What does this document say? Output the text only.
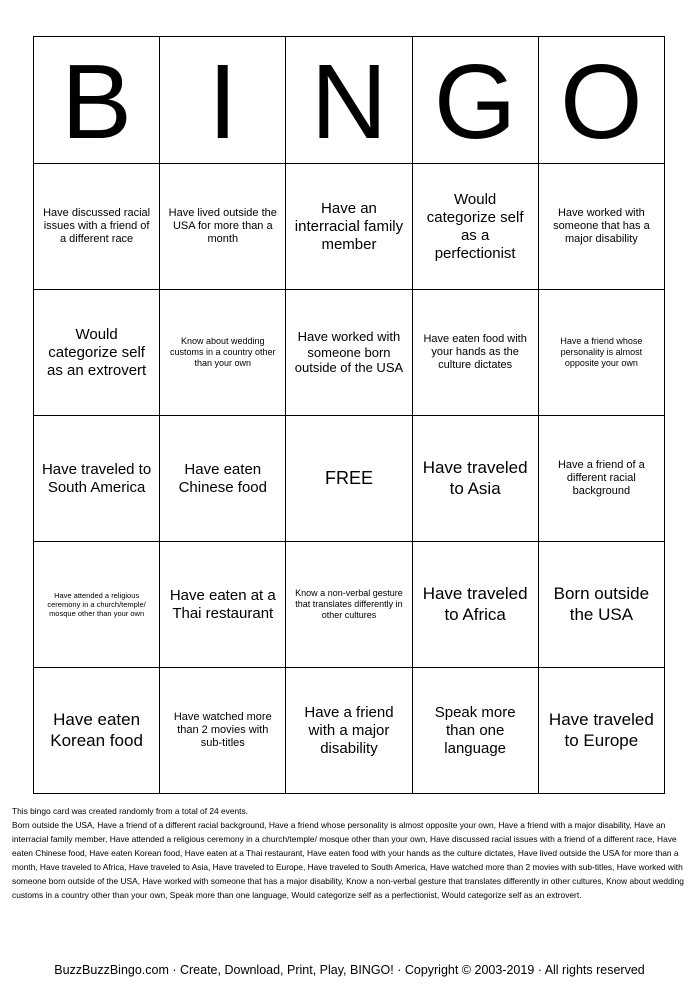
B	I	N	G	O
Have discussed racial issues with a friend of a different race	Have lived outside the USA for more than a month	Have an interracial family member	Would categorize self as a perfectionist	Have worked with someone that has a major disability
Would categorize self as an extrovert	Know about wedding customs in a country other than your own	Have worked with someone born outside of the USA	Have eaten food with your hands as the culture dictates	Have a friend whose personality is almost opposite your own
Have traveled to South America	Have eaten Chinese food	FREE	Have traveled to Asia	Have a friend of a different racial background
Have attended a religious ceremony in a church/temple/ mosque other than your own	Have eaten at a Thai restaurant	Know a non-verbal gesture that translates differently in other cultures	Have traveled to Africa	Born outside the USA
Have eaten Korean food	Have watched more than 2 movies with sub-titles	Have a friend with a major disability	Speak more than one language	Have traveled to Europe

This bingo card was created randomly from a total of 24 events.

Born outside the USA, Have a friend of a different racial background, Have a friend whose personality is almost opposite your own, Have a friend with a major disability, Have an interracial family member, Have attended a religious ceremony in a church/temple/ mosque other than your own, Have discussed racial issues with a friend of a different race, Have eaten Chinese food, Have eaten Korean food, Have eaten at a Thai restaurant, Have eaten food with your hands as the culture dictates, Have lived outside the USA for more than a month, Have traveled to Africa, Have traveled to Asia, Have traveled to Europe, Have traveled to South America, Have watched more than 2 movies with sub-titles, Have worked with someone born outside of the USA, Have worked with someone that has a major disability, Know a non-verbal gesture that translates differently in other cultures, Know about wedding customs in a country other than your own, Speak more than one language, Would categorize self as a perfectionist, Would categorize self as an extrovert.

BuzzBuzzBingo.com · Create, Download, Print, Play, BINGO! · Copyright © 2003-2019 · All rights reserved
